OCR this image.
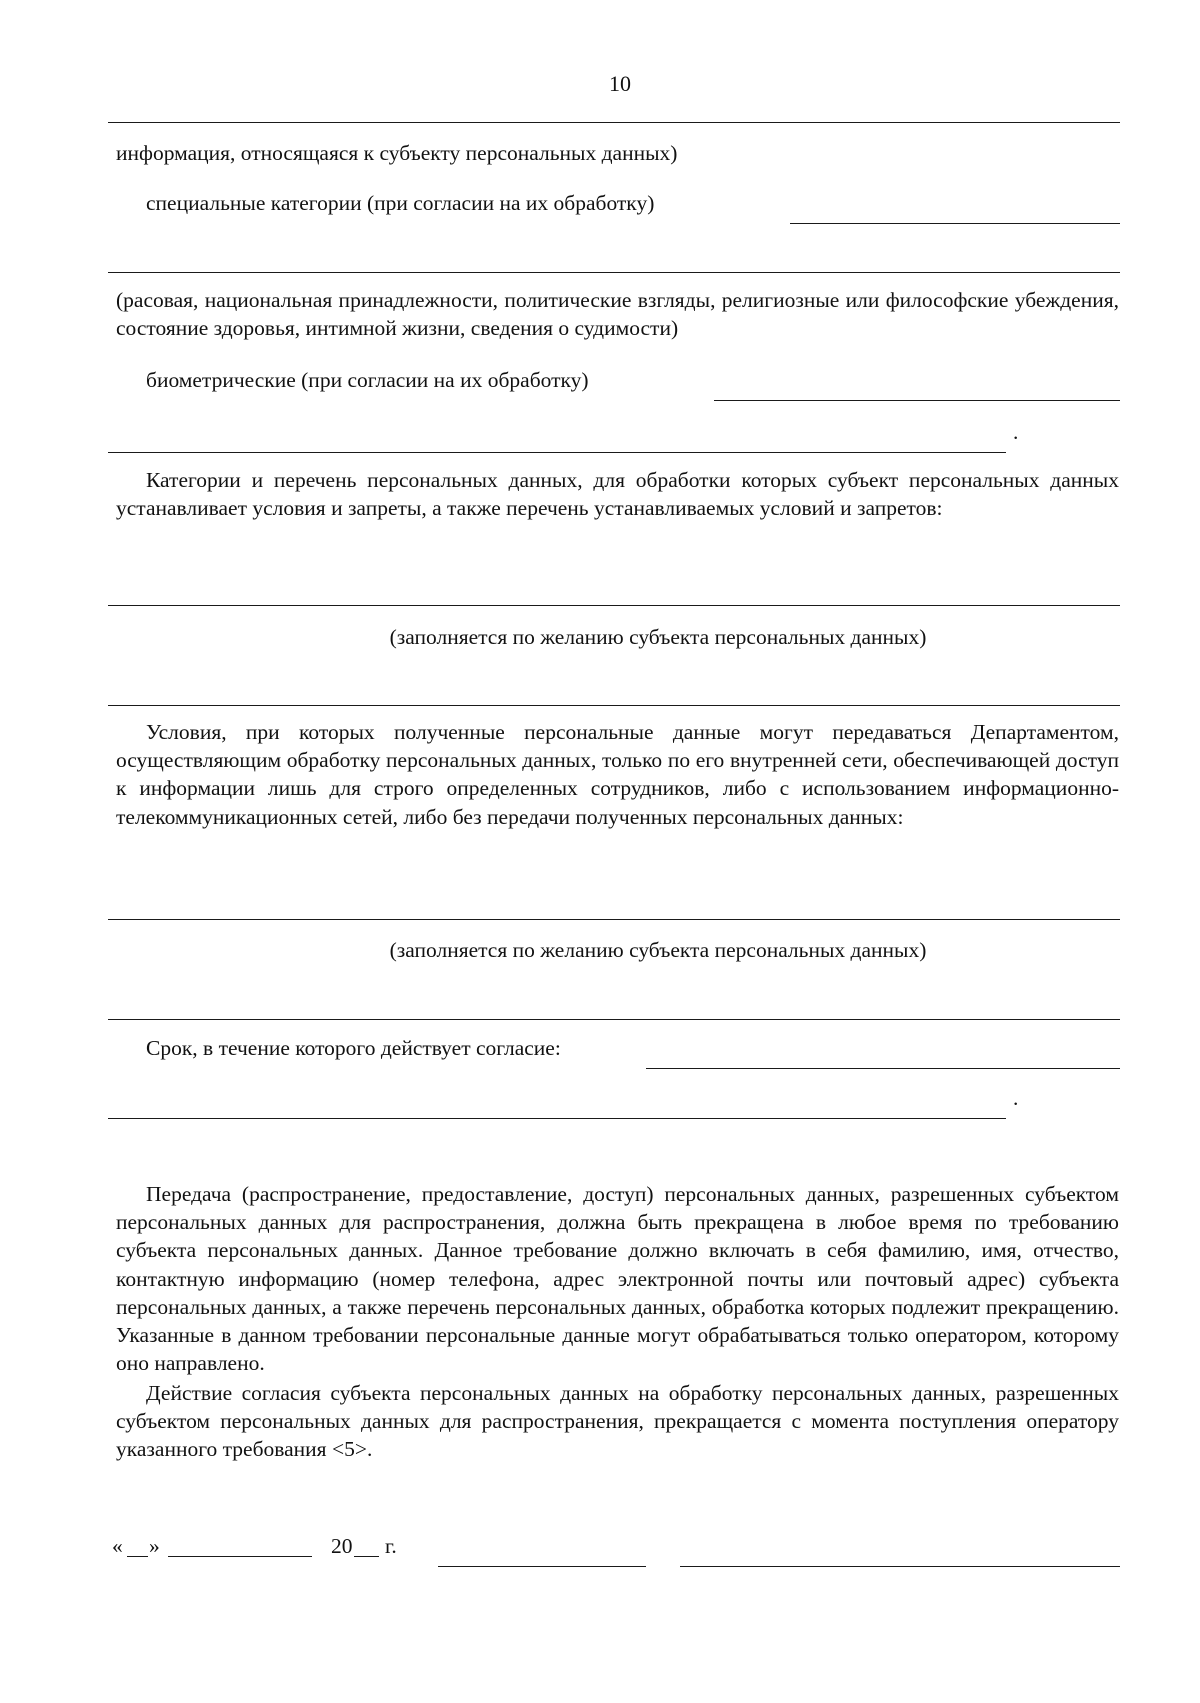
10
информация, относящаяся к субъекту персональных данных)
специальные категории (при согласии на их обработку)

(расовая, национальная принадлежности, политические взгляды, религиозные или философские убеждения, состояние здоровья, интимной жизни, сведения о судимости)

биометрические (при согласии на их обработку)
.

Категории и перечень персональных данных, для обработки которых субъект персональных данных устанавливает условия и запреты, а также перечень устанавливаемых условий и запретов:

(заполняется по желанию субъекта персональных данных)

Условия, при которых полученные персональные данные могут передаваться Департаментом, осуществляющим обработку персональных данных, только по его внутренней сети, обеспечивающей доступ к информации лишь для строго определенных сотрудников, либо с использованием информационно-телекоммуникационных сетей, либо без передачи полученных персональных данных:

(заполняется по желанию субъекта персональных данных)
Срок, в течение которого действует согласие:
.

Передача (распространение, предоставление, доступ) персональных данных, разрешенных субъектом персональных данных для распространения, должна быть прекращена в любое время по требованию субъекта персональных данных. Данное требование должно включать в себя фамилию, имя, отчество, контактную информацию (номер телефона, адрес электронной почты или почтовый адрес) субъекта персональных данных, а также перечень персональных данных, обработка которых подлежит прекращению. Указанные в данном требовании персональные данные могут обрабатываться только оператором, которому оно направлено.

Действие согласия субъекта персональных данных на обработку персональных данных, разрешенных субъектом персональных данных для распространения, прекращается с момента поступления оператору указанного требования <5>.

« »	20 г.
